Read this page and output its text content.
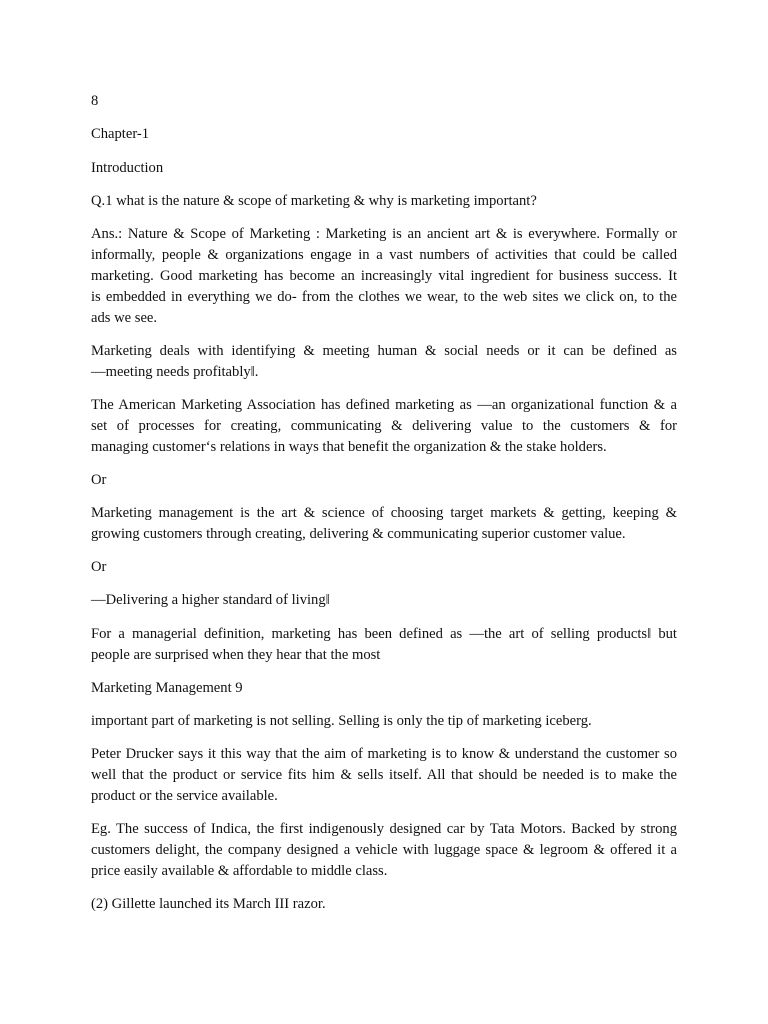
8

Chapter-1

Introduction

Q.1 what is the nature & scope of marketing & why is marketing important?

Ans.: Nature & Scope of Marketing : Marketing is an ancient art & is everywhere. Formally or

informally, people & organizations engage in a vast numbers of activities that could be called

marketing. Good marketing has become an increasingly vital ingredient for business success. It

is embedded in everything we do- from the clothes we wear, to the web sites we click on, to the

ads we see.

Marketing deals with identifying & meeting human & social needs or it can be defined as

―meeting needs profitably‖.

The American Marketing Association has defined marketing as ―an organizational function & a

set of processes for creating, communicating & delivering value to the customers & for

managing customer‘s relations in ways that benefit the organization & the stake holders.

Or

Marketing management is the art & science of choosing target markets & getting, keeping &

growing customers through creating, delivering & communicating superior customer value.

Or

―Delivering a higher standard of living‖

For a managerial definition, marketing has been defined as ―the art of selling products‖ but

people are surprised when they hear that the most

Marketing Management 9

important part of marketing is not selling. Selling is only the tip of marketing iceberg.

Peter Drucker says it this way that the aim of marketing is to know & understand the customer so

well that the product or service fits him & sells itself. All that should be needed is to make the

product or the service available.

Eg. The success of Indica, the first indigenously designed car by Tata Motors. Backed by strong

customers delight, the company designed a vehicle with luggage space & legroom & offered it a

price easily available & affordable to middle class.

(2) Gillette launched its March III razor.
